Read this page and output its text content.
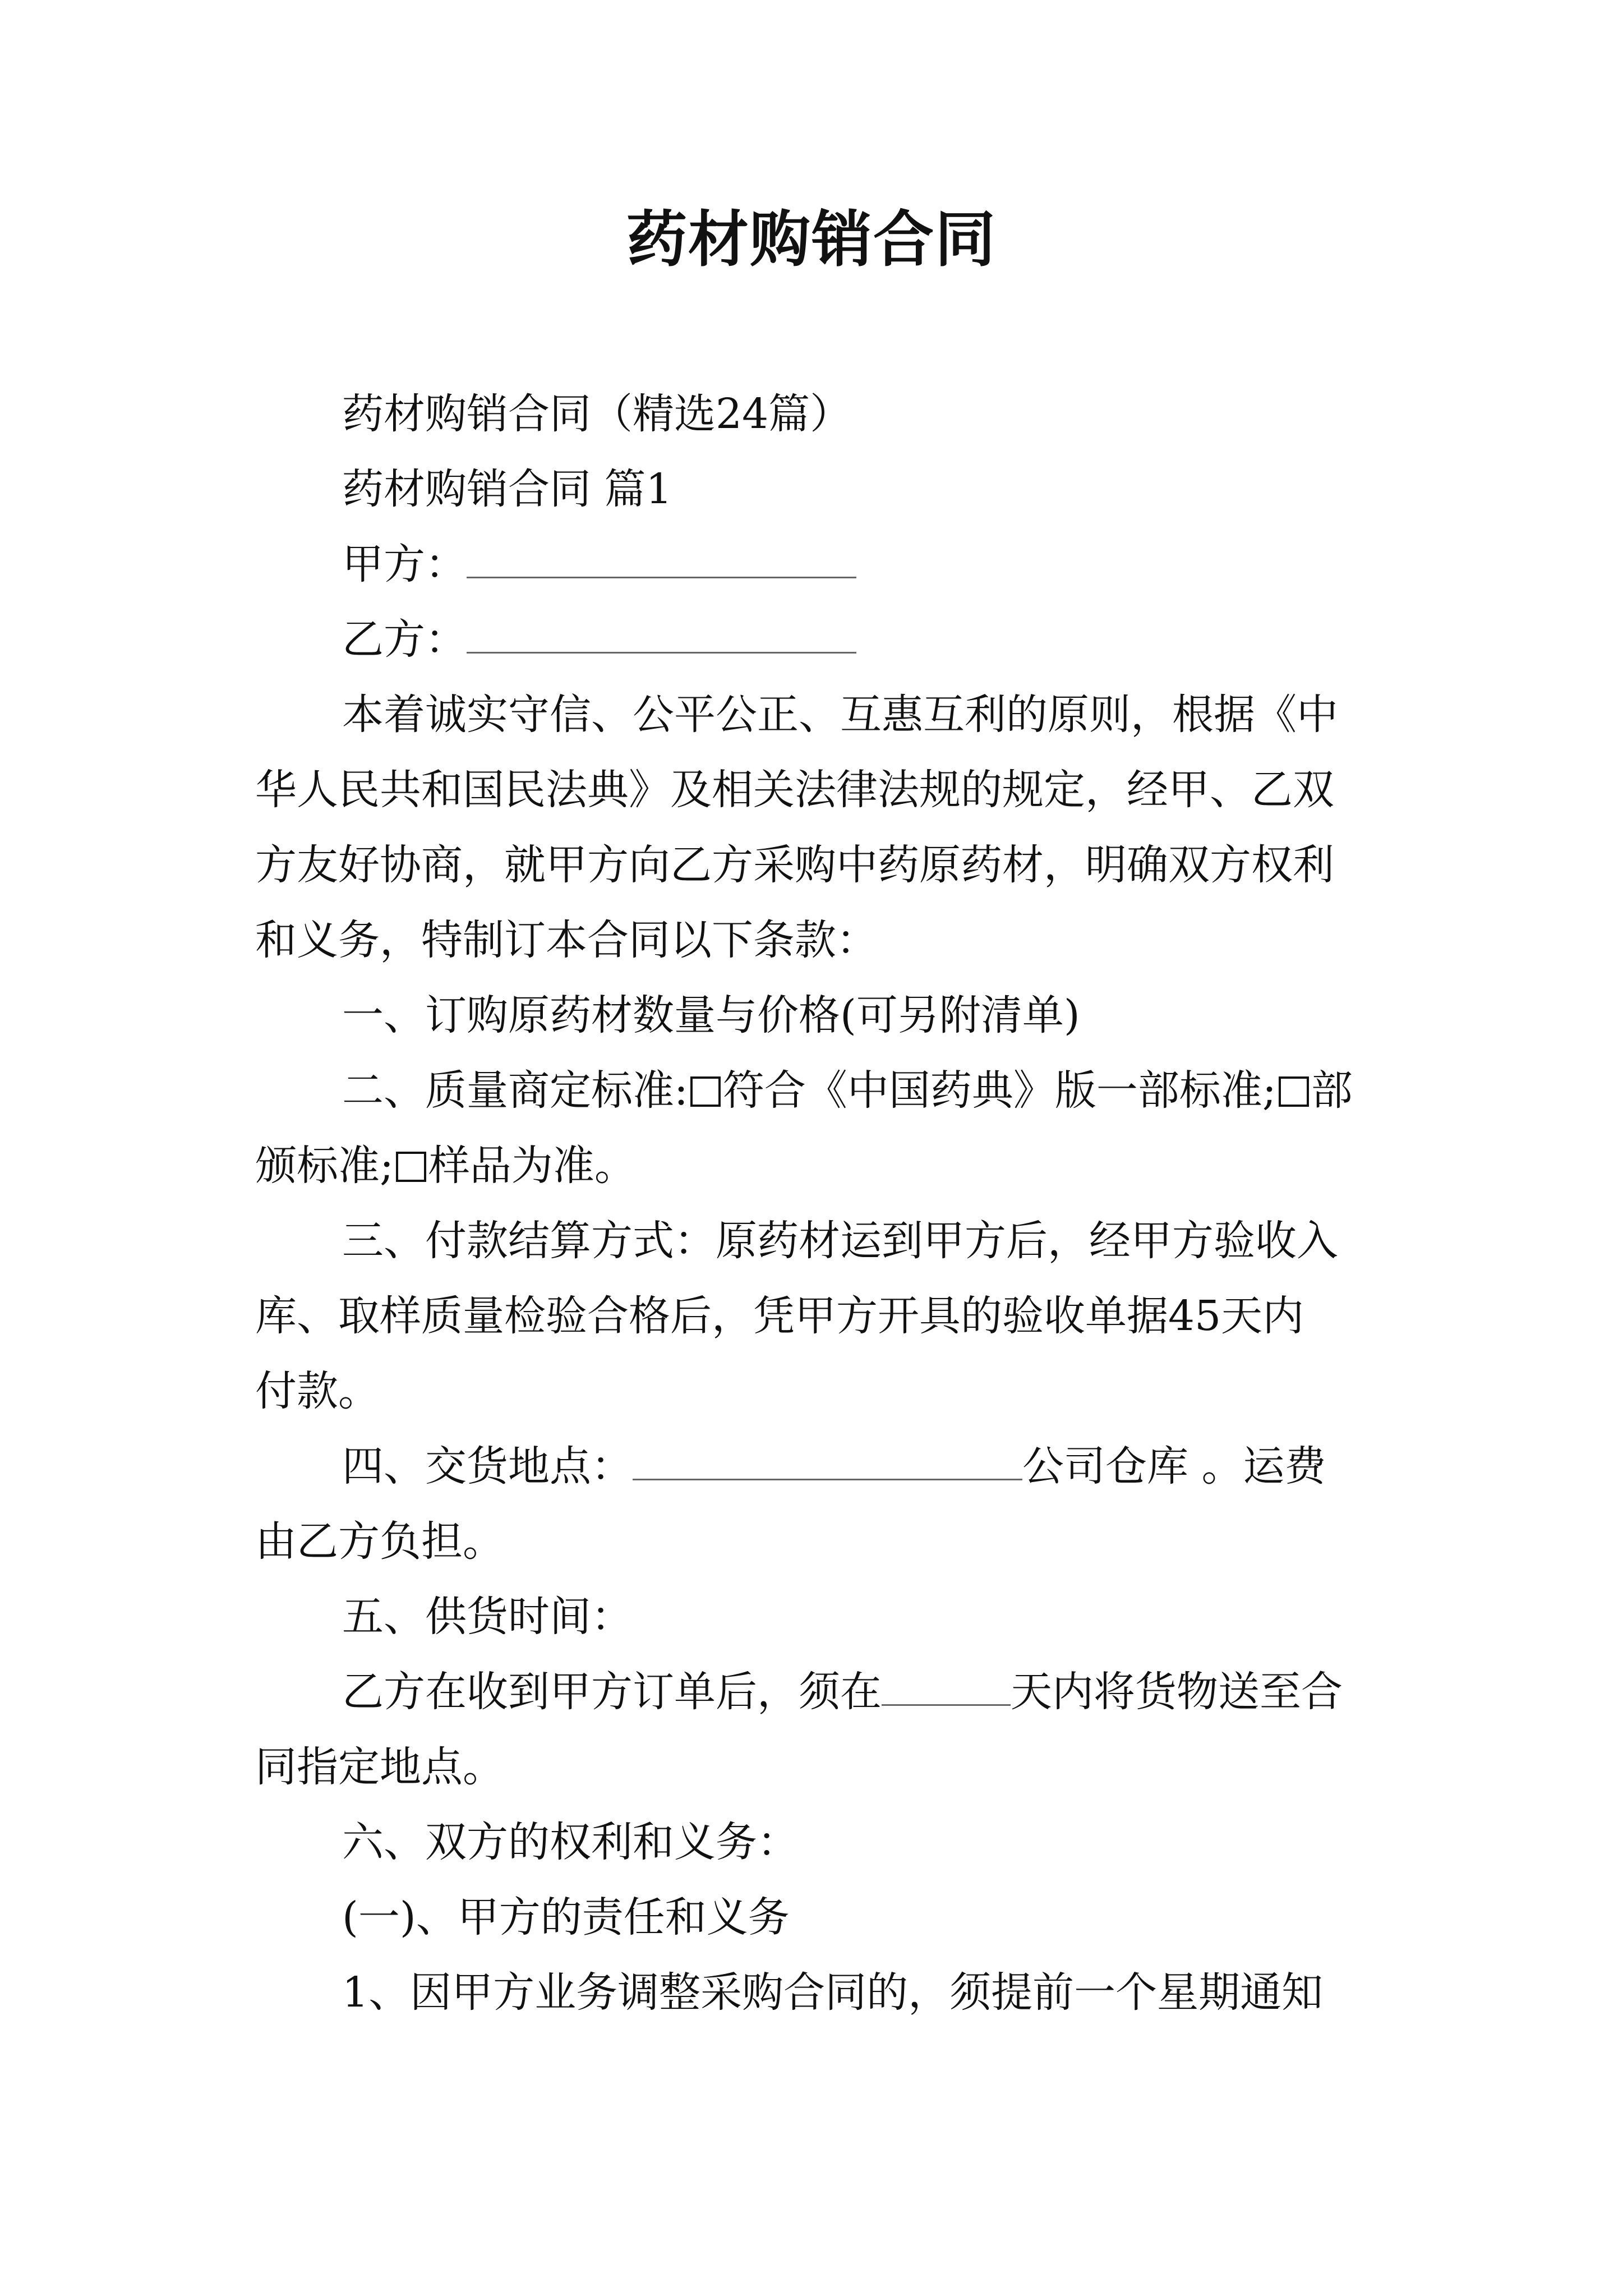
药材购销合同
药材购销合同（精选24篇）
药材购销合同 篇1
甲方：
乙方：
本着诚实守信、公平公正、互惠互利的原则，根据《中
华人民共和国民法典》及相关法律法规的规定，经甲、乙双
方友好协商，就甲方向乙方采购中药原药材，明确双方权利
和义务，特制订本合同以下条款：
一、订购原药材数量与价格(可另附清单)
二、质量商定标准: 符合《中国药典》版一部标准; 部
颁标准; 样品为准。
三、付款结算方式：原药材运到甲方后，经甲方验收入
库、取样质量检验合格后，凭甲方开具的验收单据45天内
付款。
四、交货地点：	公司仓库 。运费
由乙方负担。
五、供货时间：
乙方在收到甲方订单后，须在	天内将货物送至合
同指定地点。
六、双方的权利和义务：
(一)、甲方的责任和义务
1、因甲方业务调整采购合同的，须提前一个星期通知
